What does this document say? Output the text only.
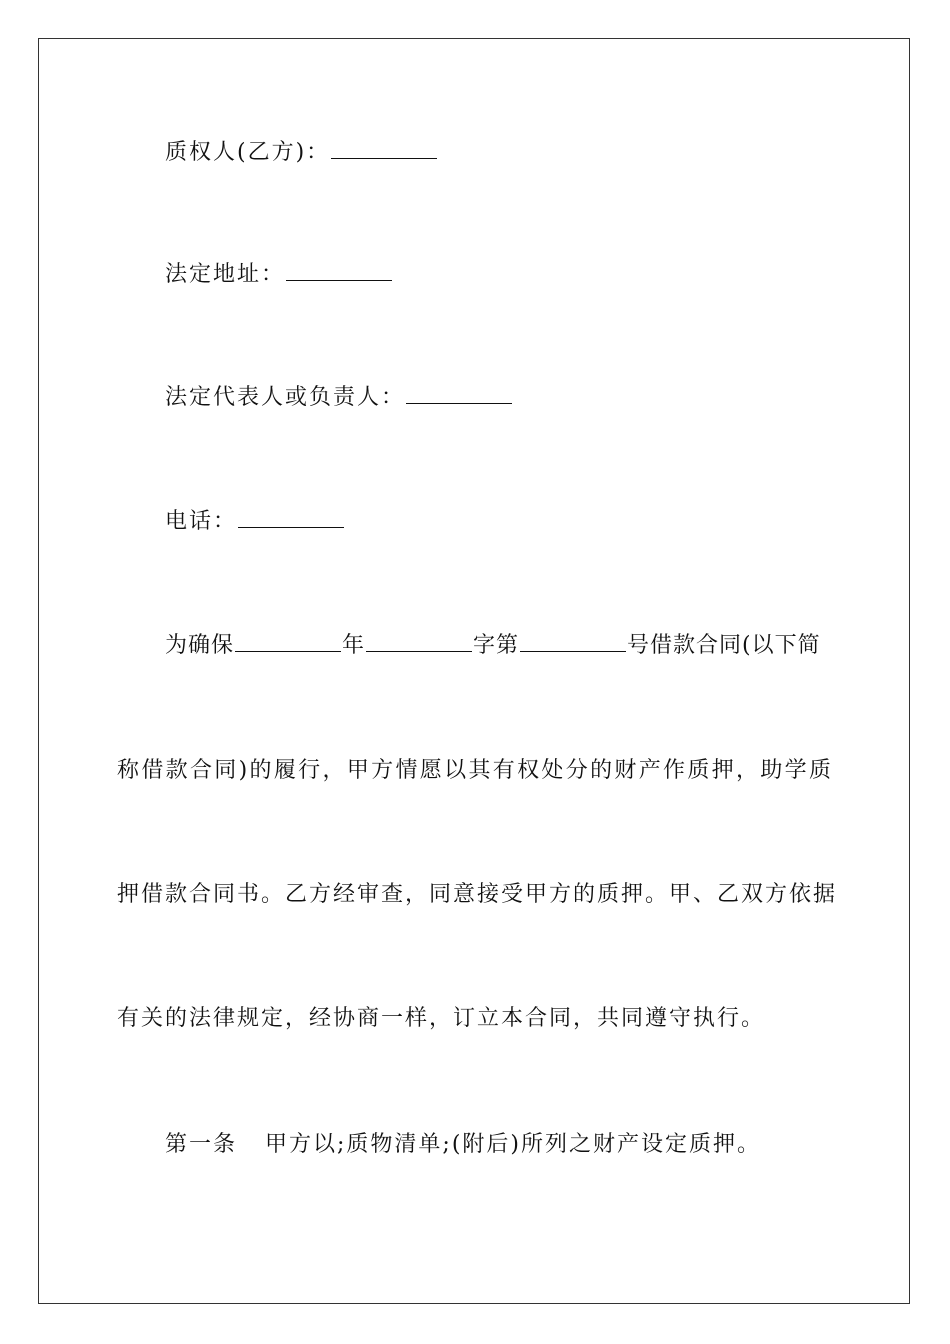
质权人(乙方)：
法定地址：
法定代表人或负责人：
电话：
为确保	年	字第	号借款合同(以下简
称借款合同)的履行，甲方情愿以其有权处分的财产作质押，助学质
押借款合同书。乙方经审查，同意接受甲方的质押。甲、乙双方依据
有关的法律规定，经协商一样，订立本合同，共同遵守执行。
第一条 甲方以;质物清单;(附后)所列之财产设定质押。
